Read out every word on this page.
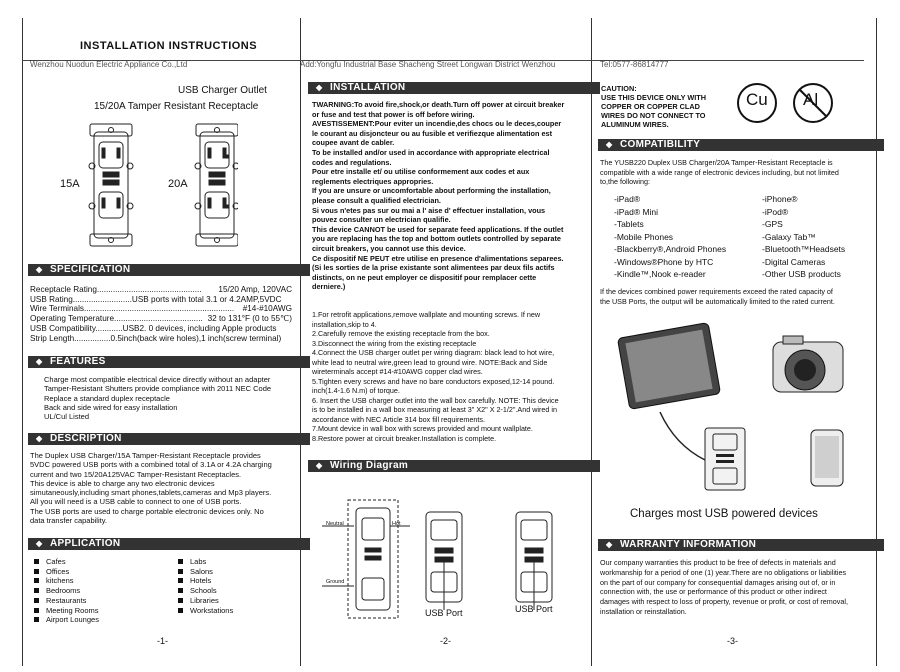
INSTALLATION INSTRUCTIONS
Wenzhou Nuodun Electric Appliance Co.,Ltd	Add:Yongfu Industrial Base Shacheng Street Longwan District Wenzhou	Tel:0577-86814777
USB Charger Outlet
15/20A Tamper Resistant Receptacle
15A	20A
◆ SPECIFICATION
Receptacle Rating.............................................. 15/20 Amp, 120VAC
USB Rating..........................USB ports with total 3.1 or 4.2AMP,5VDC
Wire Terminals.................................................................. #14-#10AWG
Operating Temperature....................................... 32 to 131°F (0 to 55℃)
USB Compatibility............USB2. 0 devices, including Apple products
Strip Length................0.5inch(back wire holes),1 inch(screw terminal)
◆ FEATURES
Charge most compatible electrical device directly without an adapter
Tamper-Resistant Shutters provide compliance with 2011 NEC Code
Replace a standard duplex receptacle
Back and side wired for easy installation
UL/Cul Listed
◆ DESCRIPTION
The Duplex USB Charger/15A Tamper-Resistant Receptacle provides
5VDC powered USB ports with a combined total of 3.1A or 4.2A charging
current and two 15/20A125VAC Tamper-Resistant Receptacles.
This device is able to charge any two electronic devices
simutaneously,including smart phones,tablets,cameras and Mp3 players.
All you will need is a USB cable to connect to one of USB ports.
The USB ports are used to charge portable electronic devices only. No
data transfer capability.
◆ APPLICATION
Cafes
Offices
kitchens
Bedrooms
Restaurants
Meeting Rooms
Airport Lounges
Labs
Salons
Hotels
Schools
Libraries
Workstations
-1-
◆ INSTALLATION
TWARNING:To avoid fire,shock,or death.Turn off power at circuit breaker
or fuse and test that power is off before wiring.
AVESTISSEMENT:Pour eviter un incendie,des chocs ou le deces,couper
le courant au disjoncteur ou au fusible et verifiezque alimentation est
coupee avant de cabler.
To be installed and/or used in accordance with appropriate electrical
codes and regulations.
Pour etre installe et/ ou utilise conformement aux codes et aux
reglements electriques appropries.
If you are unsure or uncomfortable about performing the installation,
please consult a qualified electrician.
Si vous n'etes pas sur ou mai a l' aise d' effectuer installation, vous
pouvez consulter un electrician qualifie.
This device CANNOT be used for separate feed applications. If the outlet
you are replacing has the top and bottom outlets controlled by separate
circuit breakers, you cannot use this device.
Ce dispositif NE PEUT etre utilise en presence d'alimentations separees.
(Si les sorties de la prise existante sont alimentees par deux fils actifs
distincts, on ne peut employer ce dispositif pour remplacer cette
derniere.)
1.For retrofit applications,remove wallplate and mounting screws. If new
installation,skip to 4.
2.Carefully remove the existing receptacle from the box.
3.Disconnect the wiring from the existing receptacle
4.Connect the USB charger outlet per wiring diagram: black lead to hot wire,
white lead to neutral wire,green lead to ground wire. NOTE:Back and Side
wireterminals accept #14-#10AWG copper clad wires.
5.Tighten every screws and have no bare conductors exposed,12-14 pound.
inch(1.4-1.6 N.m) of torque.
6. Insert the USB charger outlet into the wall box carefully. NOTE: This device
is to be installed in a wall box measuring at least 3" X2" X 2-1/2".And wired in
accordance with NEC Article 314 box fill requirements.
7.Mount device in wall box with screws provided and mount wallplate.
8.Restore power at circuit breaker.Installation is complete.
◆ Wiring Diagram
Neutral	Hot
Ground
USB Port	USB Port
-2-
CAUTION:
USE THIS DEVICE ONLY WITH
COPPER OR COPPER CLAD
WIRES DO NOT CONNECT TO
ALUMINUM WIRES.
Cu Al
◆ COMPATIBILITY
The YUSB220 Duplex USB Charger/20A Tamper-Resistant Receptacle is
compatible with a wide range of electronic devices including, but not limited
to,the following:
-iPad®	-iPhone®
-iPad® Mini	-iPod®
-Tablets	-GPS
-Mobile Phones	-Galaxy Tab™
-Blackberry®,Android Phones	-Bluetooth™Headsets
-Windows®Phone by HTC	-Digital Cameras
-Kindle™,Nook e-reader	-Other USB products
If the devices combined power requirements exceed the rated capacity of
the USB Ports, the output will be automatically limited to the rated current.
Charges most USB powered devices
◆ WARRANTY INFORMATION
Our company warranties this product to be free of defects in materials and
workmanship for a period of one (1) year.There are no obligations or liabilities
on the part of our company for consequential damages arising out of, or in
connection with, the use or performance of this product or other indirect
damages with respect to loss of property, revenue or profit, or cost of removal,
installation or reinstallation.
-3-
